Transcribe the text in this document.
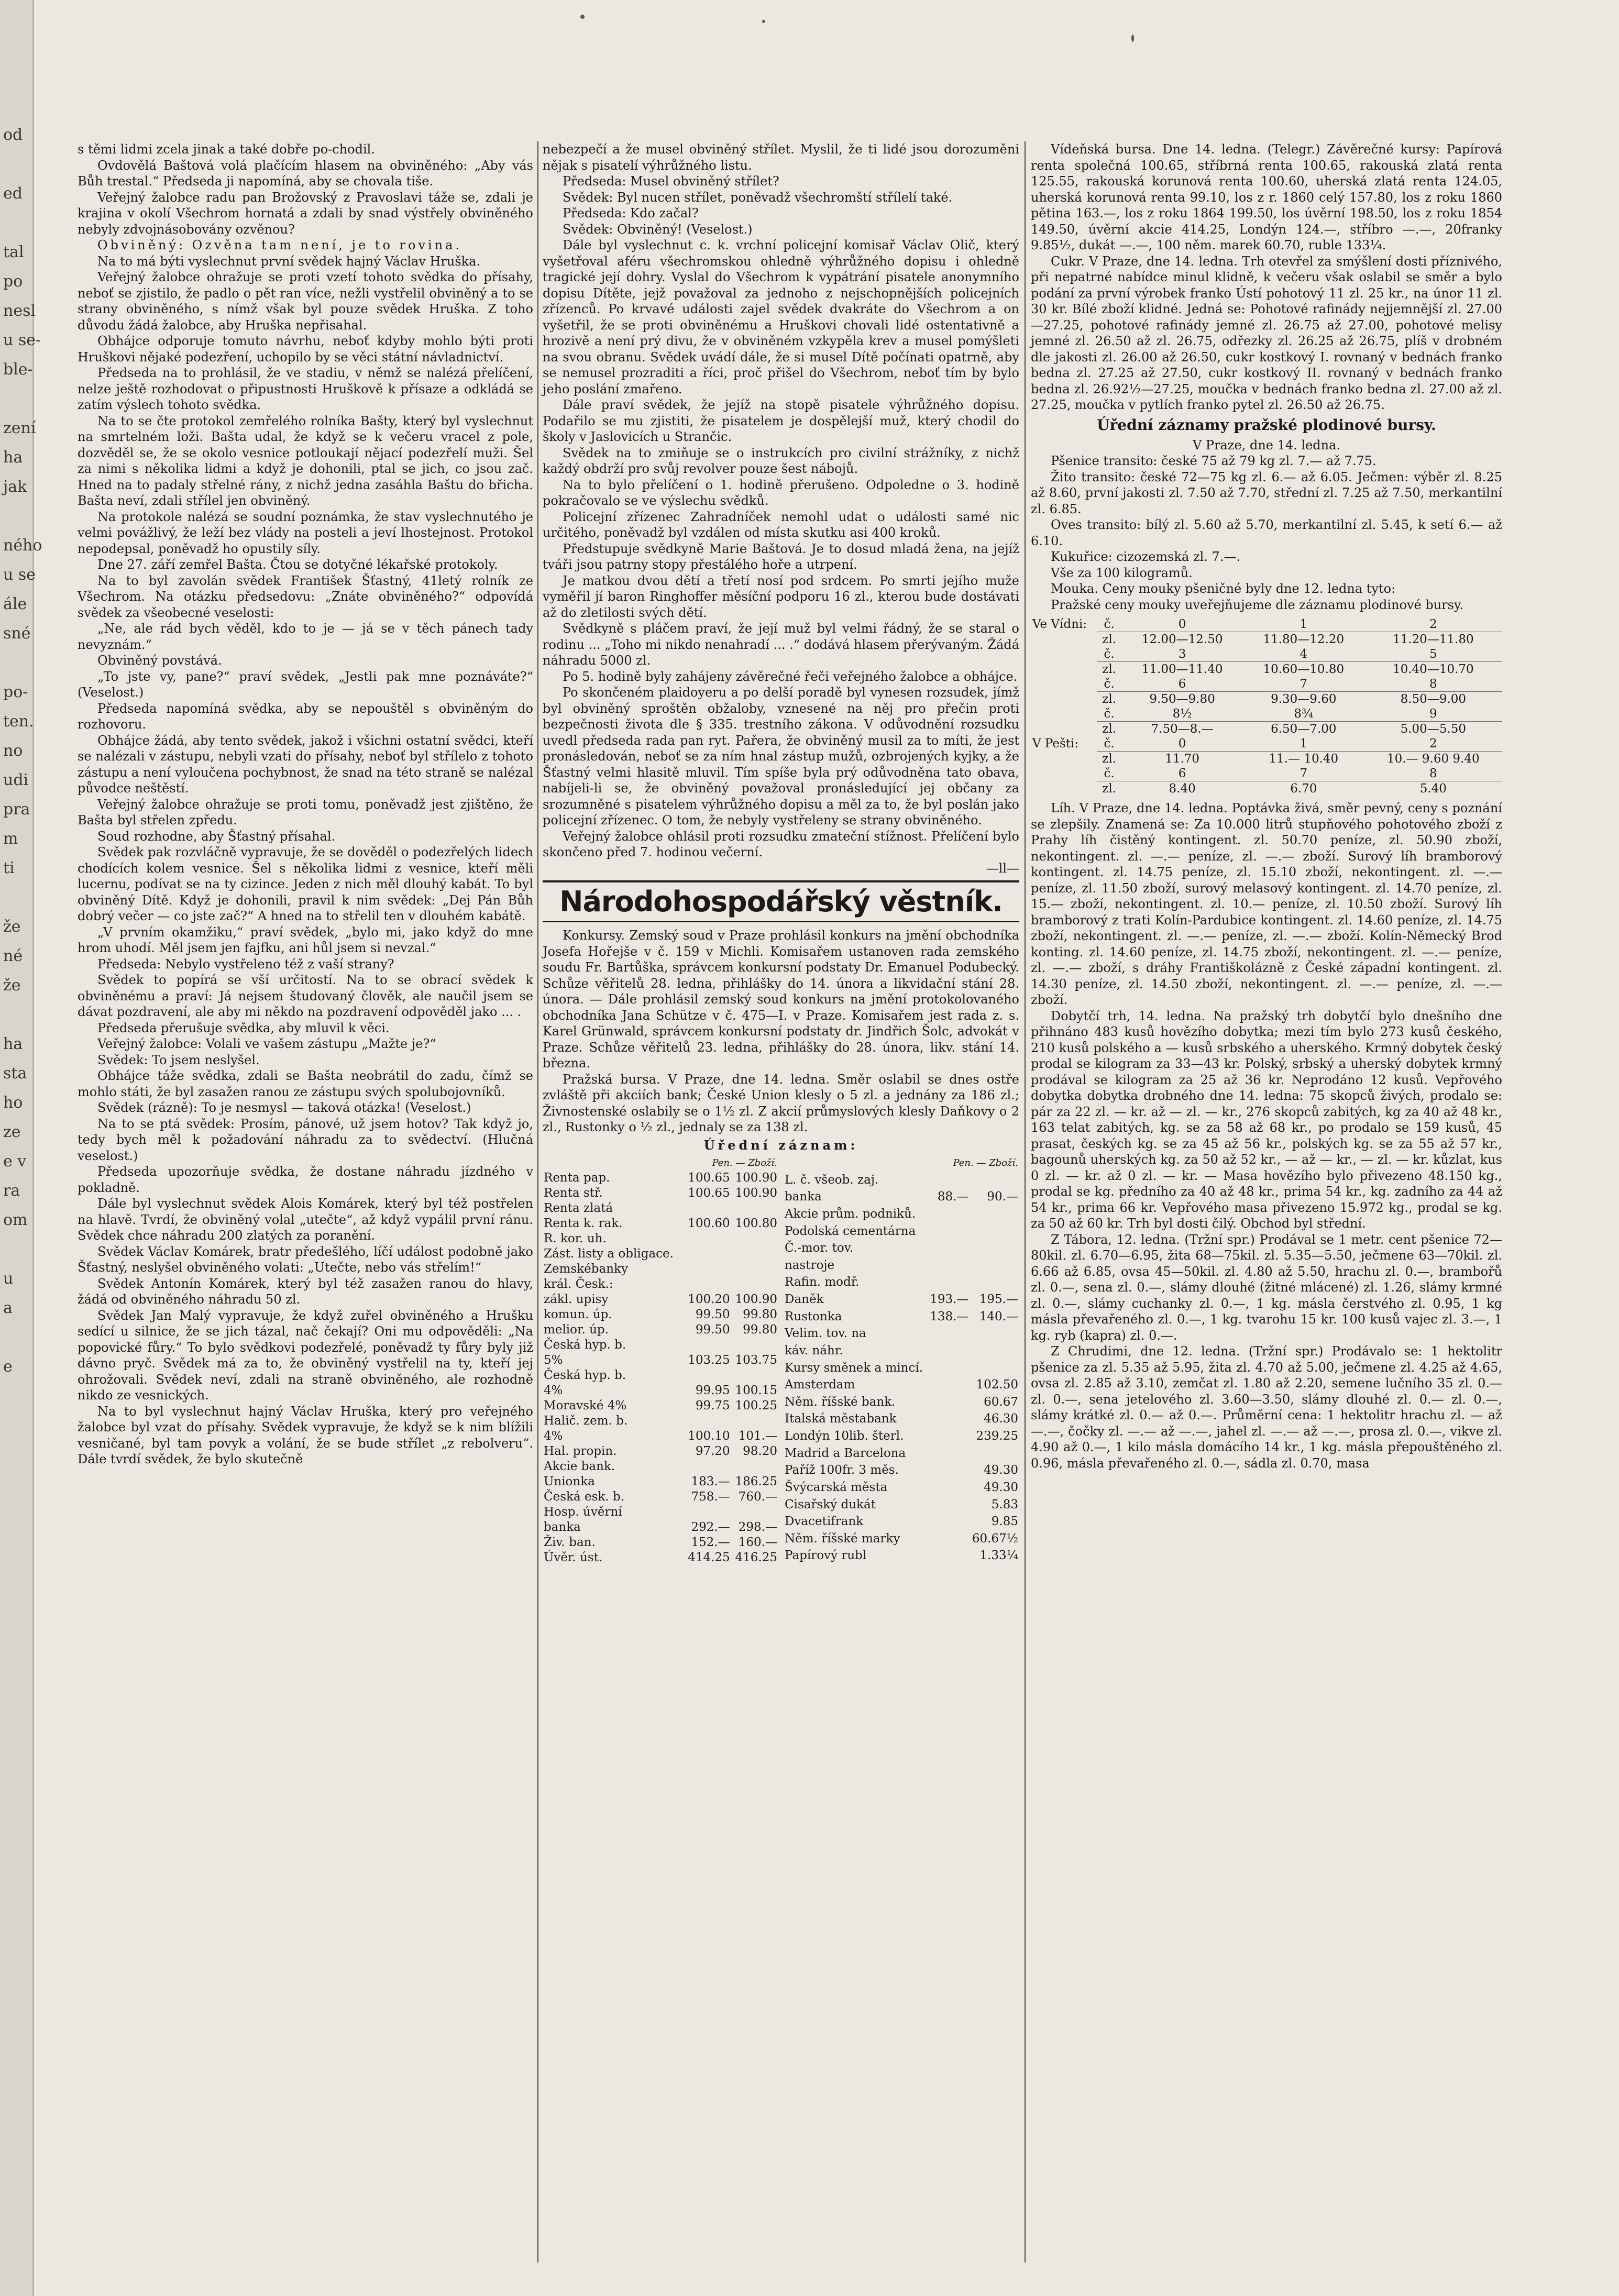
od

ed

tal
po
nesl
u se-
ble-

zení
ha
jak

ného
u se
ále
sné

po-
ten.
no
udi
pra
m
ti

že
né
že

ha
sta
ho
ze
e v
ra
om

u
a

e

s těmi lidmi zcela jinak a také dobře po-chodil.

Ovdovělá Baštová volá plačícím hlasem na obviněného: „Aby vás Bůh trestal.“ Předseda ji napomíná, aby se chovala tiše.

Veřejný žalobce radu pan Brožovský z Pravoslavi táže se, zdali je krajina v okolí Všechrom hornatá a zdali by snad výstřely obviněného nebyly zdvojnásobovány ozvěnou?

Obviněný: Ozvěna tam není, je to rovina.

Na to má býti vyslechnut první svědek hajný Václav Hruška.

Veřejný žalobce ohražuje se proti vzetí tohoto svědka do přísahy, neboť se zjistilo, že padlo o pět ran více, nežli vystřelil obviněný a to se strany obviněného, s nímž však byl pouze svědek Hruška. Z toho důvodu žádá žalobce, aby Hruška nepřisahal.

Obhájce odporuje tomuto návrhu, neboť kdyby mohlo býti proti Hruškovi nějaké podezření, uchopilo by se věci státní návladnictví.

Předseda na to prohlásil, že ve stadiu, v němž se nalézá přelíčení, nelze ještě rozhodovat o připustnosti Hruškově k přísaze a odkládá se zatím výslech tohoto svědka.

Na to se čte protokol zemřelého rolníka Bašty, který byl vyslechnut na smrtelném loži. Bašta udal, že když se k večeru vracel z pole, dozvěděl se, že se okolo vesnice potloukají nějací podezřelí muži. Šel za nimi s několika lidmi a když je dohonili, ptal se jich, co jsou zač. Hned na to padaly střelné rány, z nichž jedna zasáhla Baštu do břicha. Bašta neví, zdali střílel jen obviněný.

Na protokole nalézá se soudní poznámka, že stav vyslechnutého je velmi povážlivý, že leží bez vlády na posteli a jeví lhostejnost. Protokol nepodepsal, poněvadž ho opustily síly.

Dne 27. září zemřel Bašta. Čtou se dotyčné lékařské protokoly.

Na to byl zavolán svědek František Šťastný, 41letý rolník ze Všechrom. Na otázku předsedovu: „Znáte obviněného?“ odpovídá svědek za všeobecné veselosti:

„Ne, ale rád bych věděl, kdo to je — já se v těch pánech tady nevyznám.“

Obviněný povstává.

„To jste vy, pane?“ praví svědek, „Jestli pak mne poznáváte?“ (Veselost.)

Předseda napomíná svědka, aby se nepouštěl s obviněným do rozhovoru.

Obhájce žádá, aby tento svědek, jakož i všichni ostatní svědci, kteří se nalézali v zástupu, nebyli vzati do přísahy, neboť byl střílelo z tohoto zástupu a není vyloučena pochybnost, že snad na této straně se nalézal původce neštěstí.

Veřejný žalobce ohražuje se proti tomu, poněvadž jest zjištěno, že Bašta byl střelen zpředu.

Soud rozhodne, aby Šťastný přísahal.

Svědek pak rozvláčně vypravuje, že se dověděl o podezřelých lidech chodících kolem vesnice. Šel s několika lidmi z vesnice, kteří měli lucernu, podívat se na ty cizince. Jeden z nich měl dlouhý kabát. To byl obviněný Dítě. Když je dohonili, pravil k nim svědek: „Dej Pán Bůh dobrý večer — co jste zač?“ A hned na to střelil ten v dlouhém kabátě.

„V prvním okamžiku,“ praví svědek, „bylo mi, jako když do mne hrom uhodí. Měl jsem jen fajfku, ani hůl jsem si nevzal.“

Předseda: Nebylo vystřeleno též z vaší strany?

Svědek to popírá se vší určitostí. Na to se obrací svědek k obviněnému a praví: Já nejsem študovaný člověk, ale naučil jsem se dávat pozdravení, ale aby mi někdo na pozdravení odpověděl jako ... .

Předseda přerušuje svědka, aby mluvil k věci.

Veřejný žalobce: Volali ve vašem zástupu „Mažte je?“

Svědek: To jsem neslyšel.

Obhájce táže svědka, zdali se Bašta neobrátil do zadu, čímž se mohlo státi, že byl zasažen ranou ze zástupu svých spolubojovníků.

Svědek (rázně): To je nesmysl — taková otázka! (Veselost.)

Na to se ptá svědek: Prosím, pánové, už jsem hotov? Tak když jo, tedy bych měl k požadování náhradu za to svědectví. (Hlučná veselost.)

Předseda upozorňuje svědka, že dostane náhradu jízdného v pokladně.

Dále byl vyslechnut svědek Alois Komárek, který byl též postřelen na hlavě. Tvrdí, že obviněný volal „utečte“, až když vypálil první ránu. Svědek chce náhradu 200 zlatých za poranění.

Svědek Václav Komárek, bratr předešlého, líčí událost podobně jako Šťastný, neslyšel obviněného volati: „Utečte, nebo vás střelím!“

Svědek Antonín Komárek, který byl též zasažen ranou do hlavy, žádá od obviněného náhradu 50 zl.

Svědek Jan Malý vypravuje, že když zuřel obviněného a Hrušku sedící u silnice, že se jich tázal, nač čekají? Oni mu odpověděli: „Na popovické fůry.“ To bylo svědkovi podezřelé, poněvadž ty fůry byly již dávno pryč. Svědek má za to, že obviněný vystřelil na ty, kteří jej ohrožovali. Svědek neví, zdali na straně obviněného, ale rozhodně nikdo ze vesnických.

Na to byl vyslechnut hajný Václav Hruška, který pro veřejného žalobce byl vzat do přísahy. Svědek vypravuje, že když se k nim blížili vesničané, byl tam povyk a volání, že se bude střílet „z rebolveru“. Dále tvrdí svědek, že bylo skutečně

nebezpečí a že musel obviněný střílet. Myslil, že ti lidé jsou dorozuměni nějak s pisatelí výhrůžného listu.

Předseda: Musel obviněný střílet?

Svědek: Byl nucen střílet, poněvadž všechromští střílelí také.

Předseda: Kdo začal?

Svědek: Obviněný! (Veselost.)

Dále byl vyslechnut c. k. vrchní policejní komisař Václav Olič, který vyšetřoval aféru všechromskou ohledně výhrůžného dopisu i ohledně tragické její dohry. Vyslal do Všechrom k vypátrání pisatele anonymního dopisu Dítěte, jejž považoval za jednoho z nejschopnějších policejních zřízenců. Po krvavé události zajel svědek dvakráte do Všechrom a on vyšetřil, že se proti obviněnému a Hruškovi chovali lidé ostentativně a hrozivě a není prý divu, že v obviněném vzkypěla krev a musel pomýšleti na svou obranu. Svědek uvádí dále, že si musel Dítě počínati opatrně, aby se nemusel prozraditi a říci, proč přišel do Všechrom, neboť tím by bylo jeho poslání zmařeno.

Dále praví svědek, že jejíž na stopě pisatele výhrůžného dopisu. Podařilo se mu zjistiti, že pisatelem je dospělejší muž, který chodil do školy v Jaslovicích u Strančic.

Svědek na to zmiňuje se o instrukcích pro civilní strážníky, z nichž každý obdrží pro svůj revolver pouze šest nábojů.

Na to bylo přelíčení o 1. hodině přerušeno. Odpoledne o 3. hodině pokračovalo se ve výslechu svědků.

Policejní zřízenec Zahradníček nemohl udat o události samé nic určitého, poněvadž byl vzdálen od místa skutku asi 400 kroků.

Předstupuje svědkyně Marie Baštová. Je to dosud mladá žena, na jejíž tváři jsou patrny stopy přestálého hoře a utrpení.

Je matkou dvou dětí a třetí nosí pod srdcem. Po smrti jejího muže vyměřil jí baron Ringhoffer měsíční podporu 16 zl., kterou bude dostávati až do zletilosti svých dětí.

Svědkyně s pláčem praví, že její muž byl velmi řádný, že se staral o rodinu ... „Toho mi nikdo nenahradí ... .“ dodává hlasem přerývaným. Žádá náhradu 5000 zl.

Po 5. hodině byly zahájeny závěrečné řeči veřejného žalobce a obhájce.

Po skončeném plaidoyeru a po delší poradě byl vynesen rozsudek, jímž byl obviněný sproštěn obžaloby, vznesené na něj pro přečin proti bezpečnosti života dle § 335. trestního zákona. V odůvodnění rozsudku uvedl předseda rada pan ryt. Pařera, že obviněný musil za to míti, že jest pronásledován, neboť se za ním hnal zástup mužů, ozbrojených kyjky, a že Šťastný velmi hlasitě mluvil. Tím spíše byla prý odůvodněna tato obava, nabíjeli-li se, že obviněný považoval pronásledující jej občany za srozumněné s pisatelem výhrůžného dopisu a měl za to, že byl poslán jako policejní zřízenec. O tom, že nebyly vystřeleny se strany obviněného.

Veřejný žalobce ohlásil proti rozsudku zmateční stížnost. Přelíčení bylo skončeno před 7. hodinou večerní.

—ll—

Národohospodářský věstník.

Konkursy. Zemský soud v Praze prohlásil konkurs na jmění obchodníka Josefa Hořejše v č. 159 v Michli. Komisařem ustanoven rada zemského soudu Fr. Bartůška, správcem konkursní podstaty Dr. Emanuel Podubecký. Schůze věřitelů 28. ledna, přihlášky do 14. února a likvidační stání 28. února. — Dále prohlásil zemský soud konkurs na jmění protokolovaného obchodníka Jana Schütze v č. 475—I. v Praze. Komisařem jest rada z. s. Karel Grünwald, správcem konkursní podstaty dr. Jindřich Šolc, advokát v Praze. Schůze věřitelů 23. ledna, přihlášky do 28. února, likv. stání 14. března.

Pražská bursa. V Praze, dne 14. ledna. Směr oslabil se dnes ostře zvláště při akciích bank; České Union klesly o 5 zl. a jednány za 186 zl.; Živnostenské oslabily se o 1½ zl. Z akcií průmyslových klesly Daňkovy o 2 zl., Rustonky o ½ zl., jednaly se za 138 zl.

Úřední záznam:
	Pen. — Zboží.	
Renta pap.	100.65	100.90
Renta stř.	100.65	100.90
Renta zlatá		
Renta k. rak.	100.60	100.80
R. kor. uh.		
Zást. listy a obligace.		
Zemskébanky		
král. Česk.:		
zákl. upisy	100.20	100.90
komun. úp.	99.50	99.80
melior. úp.	99.50	99.80
Česká hyp. b.		
5%	103.25	103.75
Česká hyp. b.		
4%	99.95	100.15
Moravské 4%	99.75	100.25
Halič. zem. b.		
4%	100.10	101.—
Hal. propin.	97.20	98.20
Akcie bank.		
Unionka	183.—	186.25
Česká esk. b.	758.—	760.—
Hosp. úvěrní		
banka	292.—	298.—
Živ. ban.	152.—	160.—
Úvěr. úst.	414.25	416.25
	Pen. — Zboží.	
L. č. všeob. zaj.		
banka	88.—	90.—
Akcie prům. podniků.		
Podolská cementárna		
Č.-mor. tov.		
nastroje		
Rafin. modř.		
Daněk	193.—	195.—
Rustonka	138.—	140.—
Velim. tov. na		
káv. náhr.		
Kursy směnek a mincí.		
Amsterdam		102.50
Něm. říšské bank.		60.67
Italská městabank		46.30
Londýn 10lib. šterl.		239.25
Madrid a Barcelona		
Paříž 100fr. 3 měs.		49.30
Švýcarská města		49.30
Cisařský dukát		5.83
Dvacetifrank		9.85
Něm. říšské marky		60.67½
Papírový rubl		1.33¼

Vídeňská bursa. Dne 14. ledna. (Telegr.) Závěrečné kursy: Papírová renta společná 100.65, stříbrná renta 100.65, rakouská zlatá renta 125.55, rakouská korunová renta 100.60, uherská zlatá renta 124.05, uherská korunová renta 99.10, los z r. 1860 celý 157.80, los z roku 1860 pětina 163.—, los z roku 1864 199.50, los úvěrní 198.50, los z roku 1854 149.50, úvěrní akcie 414.25, Londýn 124.—, stříbro —.—, 20franky 9.85½, dukát —.—, 100 něm. marek 60.70, ruble 133¼.

Cukr. V Praze, dne 14. ledna. Trh otevřel za smýšlení dosti příznivého, při nepatrné nabídce minul klidně, k večeru však oslabil se směr a bylo podání za první výrobek franko Ústí pohotový 11 zl. 25 kr., na únor 11 zl. 30 kr. Bílé zboží klidné. Jedná se: Pohotové rafinády nejjemnější zl. 27.00—27.25, pohotové rafinády jemné zl. 26.75 až 27.00, pohotové melisy jemné zl. 26.50 až zl. 26.75, odřezky zl. 26.25 až 26.75, plíš v drobném dle jakosti zl. 26.00 až 26.50, cukr kostkový I. rovnaný v bednách franko bedna zl. 27.25 až 27.50, cukr kostkový II. rovnaný v bednách franko bedna zl. 26.92½—27.25, moučka v bednách franko bedna zl. 27.00 až zl. 27.25, moučka v pytlích franko pytel zl. 26.50 až 26.75.

Úřední záznamy pražské plodinové bursy.

V Praze, dne 14. ledna.

Pšenice transito: české 75 až 79 kg zl. 7.— až 7.75.

Žito transito: české 72—75 kg zl. 6.— až 6.05. Ječmen: výběr zl. 8.25 až 8.60, první jakosti zl. 7.50 až 7.70, střední zl. 7.25 až 7.50, merkantilní zl. 6.85.

Oves transito: bílý zl. 5.60 až 5.70, merkantilní zl. 5.45, k setí 6.— až 6.10.

Kukuřice: cizozemská zl. 7.—.

Vše za 100 kilogramů.

Mouka. Ceny mouky pšeničné byly dne 12. ledna tyto:

Pražské ceny mouky uveřejňujeme dle záznamu plodinové bursy.

Ve Vídni:	č.	0	1	2
	zl.	12.00—12.50	11.80—12.20	11.20—11.80
	č.	3	4	5
	zl.	11.00—11.40	10.60—10.80	10.40—10.70
	č.	6	7	8
	zl.	9.50—9.80	9.30—9.60	8.50—9.00
	č.	8½	8¾	9
	zl.	7.50—8.—	6.50—7.00	5.00—5.50
V Pešti:	č.	0	1	2
	zl.	11.70	11.— 10.40	10.— 9.60 9.40
	č.	6	7	8
	zl.	8.40	6.70	5.40

Líh. V Praze, dne 14. ledna. Poptávka živá, směr pevný, ceny s poznání se zlepšily. Znamená se: Za 10.000 litrů stupňového pohotového zboží z Prahy líh čistěný kontingent. zl. 50.70 peníze, zl. 50.90 zboží, nekontingent. zl. —.— peníze, zl. —.— zboží. Surový líh bramborový kontingent. zl. 14.75 peníze, zl. 15.10 zboží, nekontingent. zl. —.— peníze, zl. 11.50 zboží, surový melasový kontingent. zl. 14.70 peníze, zl. 15.— zboží, nekontingent. zl. 10.— peníze, zl. 10.50 zboží. Surový líh bramborový z trati Kolín-Pardubice kontingent. zl. 14.60 peníze, zl. 14.75 zboží, nekontingent. zl. —.— peníze, zl. —.— zboží. Kolín-Německý Brod konting. zl. 14.60 peníze, zl. 14.75 zboží, nekontingent. zl. —.— peníze, zl. —.— zboží, s dráhy Františkolázně z České západní kontingent. zl. 14.30 peníze, zl. 14.50 zboží, nekontingent. zl. —.— peníze, zl. —.— zboží.

Dobytčí trh, 14. ledna. Na pražský trh dobytčí bylo dnešního dne přihnáno 483 kusů hovězího dobytka; mezi tím bylo 273 kusů českého, 210 kusů polského a — kusů srbského a uherského. Krmný dobytek český prodal se kilogram za 33—43 kr. Polský, srbský a uherský dobytek krmný prodával se kilogram za 25 až 36 kr. Neprodáno 12 kusů. Vepřového dobytka dobytka drobného dne 14. ledna: 75 skopců živých, prodalo se: pár za 22 zl. — kr. až — zl. — kr., 276 skopců zabitých, kg za 40 až 48 kr., 163 telat zabitých, kg. se za 58 až 68 kr., po prodalo se 159 kusů, 45 prasat, českých kg. se za 45 až 56 kr., polských kg. se za 55 až 57 kr., bagounů uherských kg. za 50 až 52 kr., — až — kr., — zl. — kr. kůzlat, kus 0 zl. — kr. až 0 zl. — kr. — Masa hovězího bylo přivezeno 48.150 kg., prodal se kg. předního za 40 až 48 kr., prima 54 kr., kg. zadního za 44 až 54 kr., prima 66 kr. Vepřového masa přivezeno 15.972 kg., prodal se kg. za 50 až 60 kr. Trh byl dosti čilý. Obchod byl střední.

Z Tábora, 12. ledna. (Tržní spr.) Prodával se 1 metr. cent pšenice 72—80kil. zl. 6.70—6.95, žita 68—75kil. zl. 5.35—5.50, ječmene 63—70kil. zl. 6.66 až 6.85, ovsa 45—50kil. zl. 4.80 až 5.50, hrachu zl. 0.—, brambořů zl. 0.—, sena zl. 0.—, slámy dlouhé (žitné mlácené) zl. 1.26, slámy krmné zl. 0.—, slámy cuchanky zl. 0.—, 1 kg. másla čerstvého zl. 0.95, 1 kg másla převařeného zl. 0.—, 1 kg. tvarohu 15 kr. 100 kusů vajec zl. 3.—, 1 kg. ryb (kapra) zl. 0.—.

Z Chrudimi, dne 12. ledna. (Tržní spr.) Prodávalo se: 1 hektolitr pšenice za zl. 5.35 až 5.95, žita zl. 4.70 až 5.00, ječmene zl. 4.25 až 4.65, ovsa zl. 2.85 až 3.10, zemčat zl. 1.80 až 2.20, semene lučního 35 zl. 0.— zl. 0.—, sena jetelového zl. 3.60—3.50, slámy dlouhé zl. 0.— zl. 0.—, slámy krátké zl. 0.— až 0.—. Průměrní cena: 1 hektolitr hrachu zl. — až —.—, čočky zl. —.— až —.—, jahel zl. —.— až —.—, prosa zl. 0.—, vikve zl. 4.90 až 0.—, 1 kilo másla domácího 14 kr., 1 kg. másla přepouštěného zl. 0.96, másla převařeného zl. 0.—, sádla zl. 0.70, masa
